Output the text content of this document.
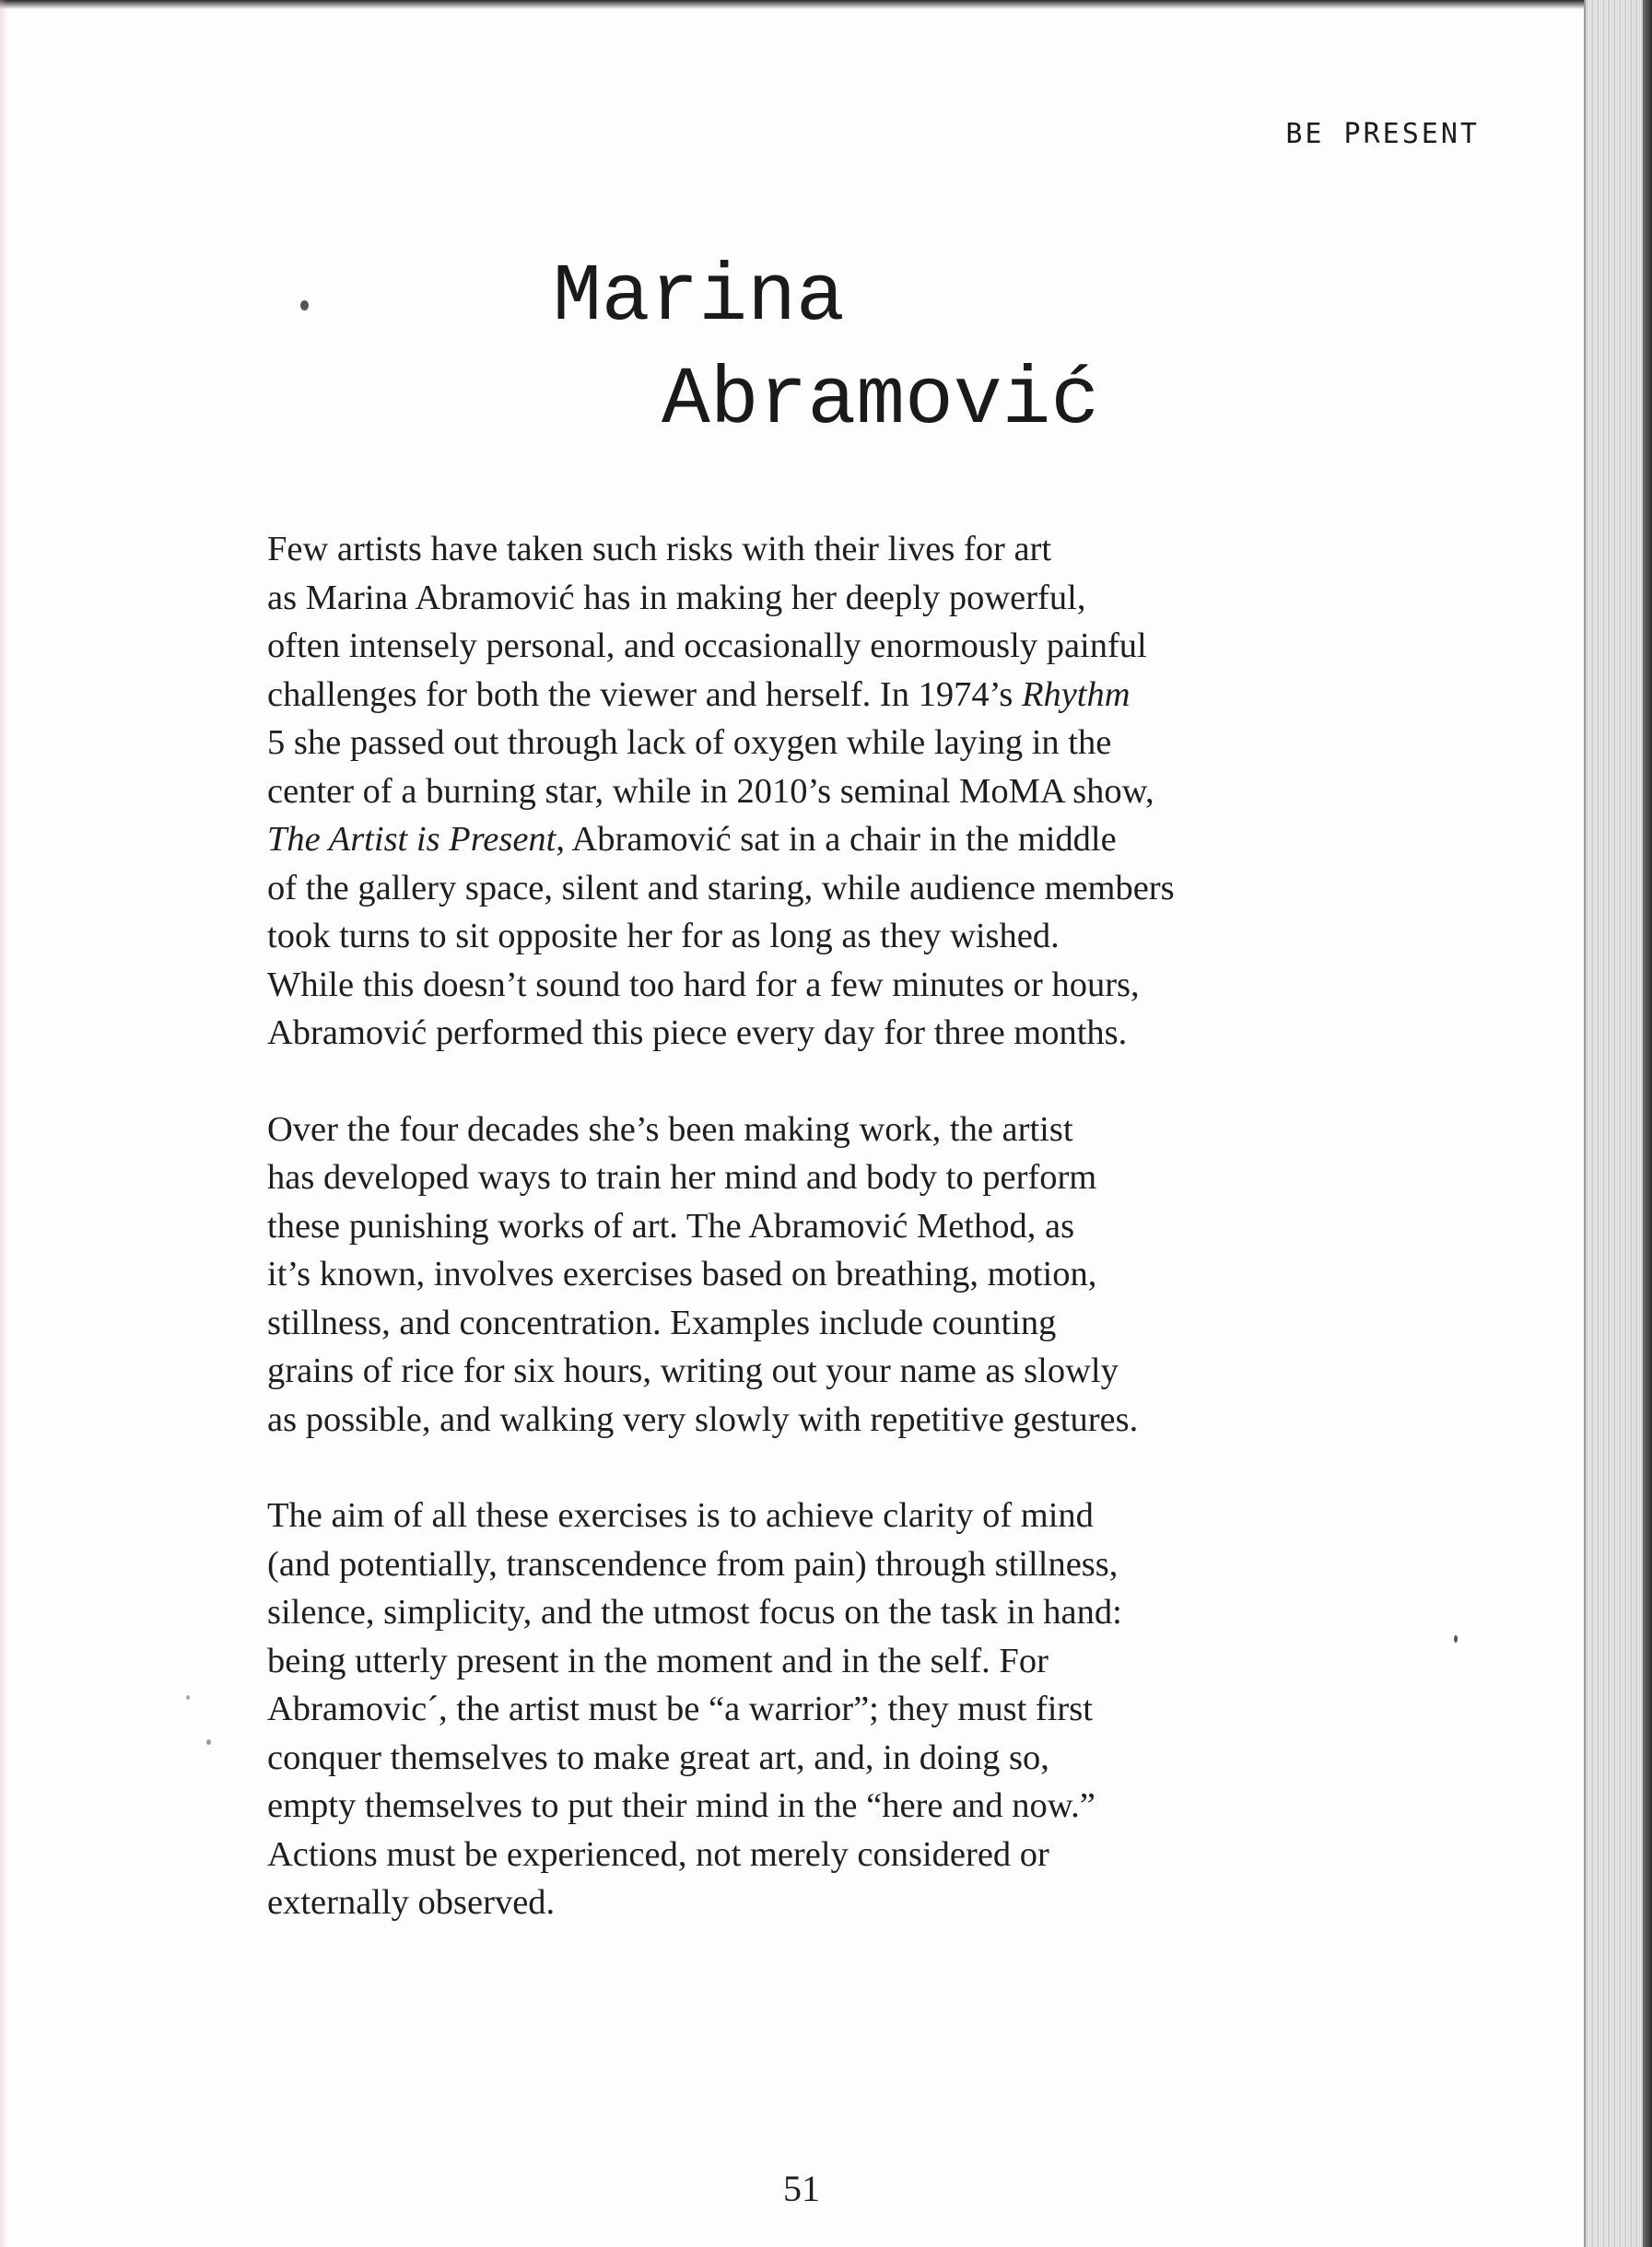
BE PRESENT
Marina
Abramović

Few artists have taken such risks with their lives for art
as Marina Abramović has in making her deeply powerful,
often intensely personal, and occasionally enormously painful
challenges for both the viewer and herself. In 1974’s Rhythm
5 she passed out through lack of oxygen while laying in the
center of a burning star, while in 2010’s seminal MoMA show,
The Artist is Present, Abramović sat in a chair in the middle
of the gallery space, silent and staring, while audience members
took turns to sit opposite her for as long as they wished.
While this doesn’t sound too hard for a few minutes or hours,
Abramović performed this piece every day for three months.

Over the four decades she’s been making work, the artist
has developed ways to train her mind and body to perform
these punishing works of art. The Abramović Method, as
it’s known, involves exercises based on breathing, motion,
stillness, and concentration. Examples include counting
grains of rice for six hours, writing out your name as slowly
as possible, and walking very slowly with repetitive gestures.

The aim of all these exercises is to achieve clarity of mind
(and potentially, transcendence from pain) through stillness,
silence, simplicity, and the utmost focus on the task in hand:
being utterly present in the moment and in the self. For
Abramovic´, the artist must be “a warrior”; they must first
conquer themselves to make great art, and, in doing so,
empty themselves to put their mind in the “here and now.”
Actions must be experienced, not merely considered or
externally observed.

51
